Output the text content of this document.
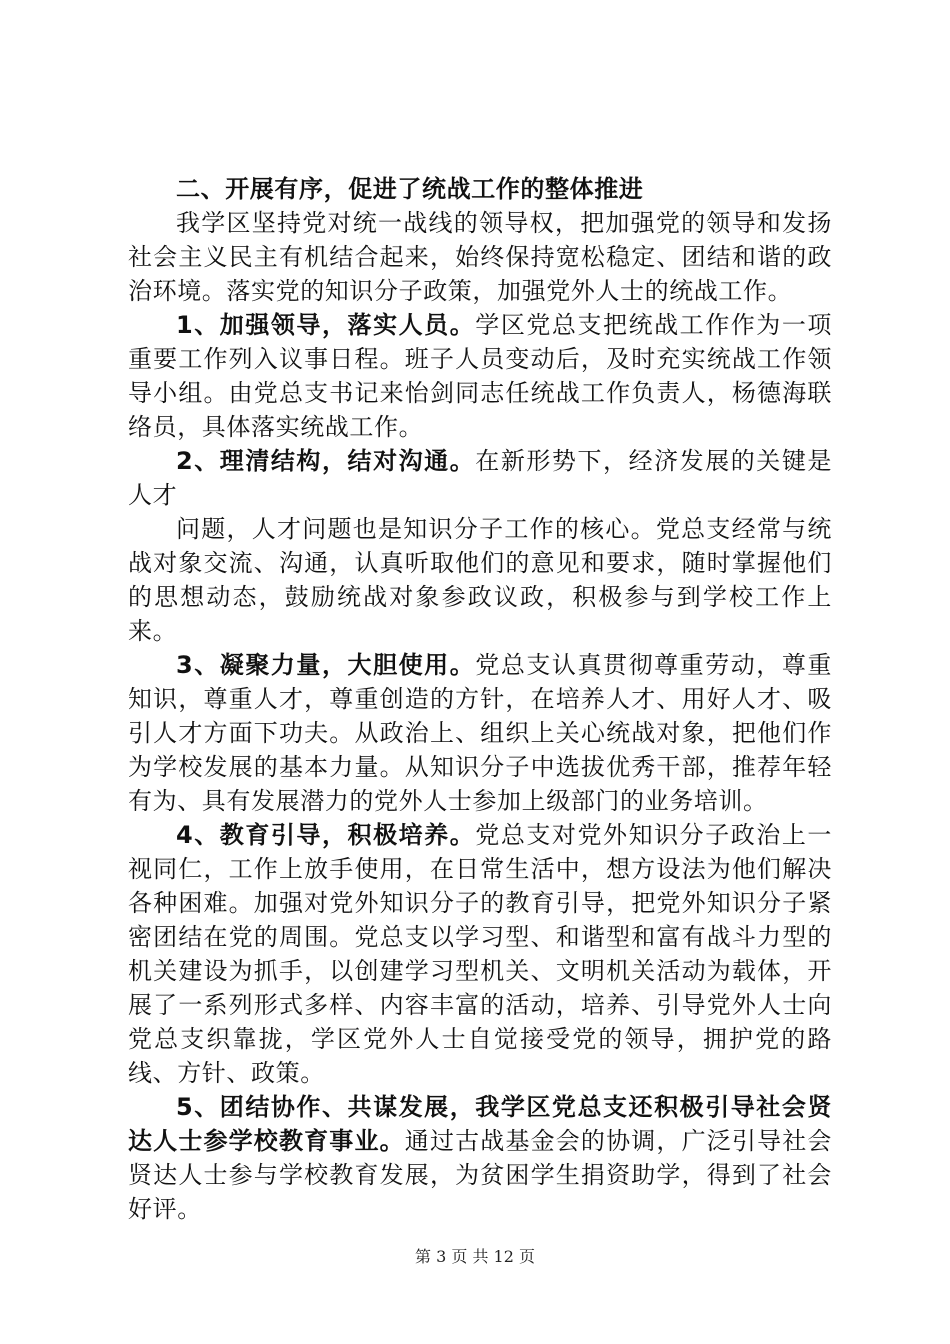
二、开展有序，促进了统战工作的整体推进

我学区坚持党对统一战线的领导权，把加强党的领导和发扬社会主义民主有机结合起来，始终保持宽松稳定、团结和谐的政治环境。落实党的知识分子政策，加强党外人士的统战工作。

1、加强领导，落实人员。学区党总支把统战工作作为一项重要工作列入议事日程。班子人员变动后，及时充实统战工作领导小组。由党总支书记来怡剑同志任统战工作负责人，杨德海联络员，具体落实统战工作。

2、理清结构，结对沟通。在新形势下，经济发展的关键是人才

问题，人才问题也是知识分子工作的核心。党总支经常与统战对象交流、沟通，认真听取他们的意见和要求，随时掌握他们的思想动态，鼓励统战对象参政议政，积极参与到学校工作上来。

3、凝聚力量，大胆使用。党总支认真贯彻尊重劳动，尊重知识，尊重人才，尊重创造的方针，在培养人才、用好人才、吸引人才方面下功夫。从政治上、组织上关心统战对象，把他们作为学校发展的基本力量。从知识分子中选拔优秀干部，推荐年轻有为、具有发展潜力的党外人士参加上级部门的业务培训。

4、教育引导，积极培养。党总支对党外知识分子政治上一视同仁，工作上放手使用，在日常生活中，想方设法为他们解决各种困难。加强对党外知识分子的教育引导，把党外知识分子紧密团结在党的周围。党总支以学习型、和谐型和富有战斗力型的机关建设为抓手，以创建学习型机关、文明机关活动为载体，开展了一系列形式多样、内容丰富的活动，培养、引导党外人士向党总支织靠拢，学区党外人士自觉接受党的领导，拥护党的路线、方针、政策。

5、团结协作、共谋发展，我学区党总支还积极引导社会贤达人士参学校教育事业。通过古战基金会的协调，广泛引导社会贤达人士参与学校教育发展，为贫困学生捐资助学，得到了社会好评。

第 3 页 共 12 页
